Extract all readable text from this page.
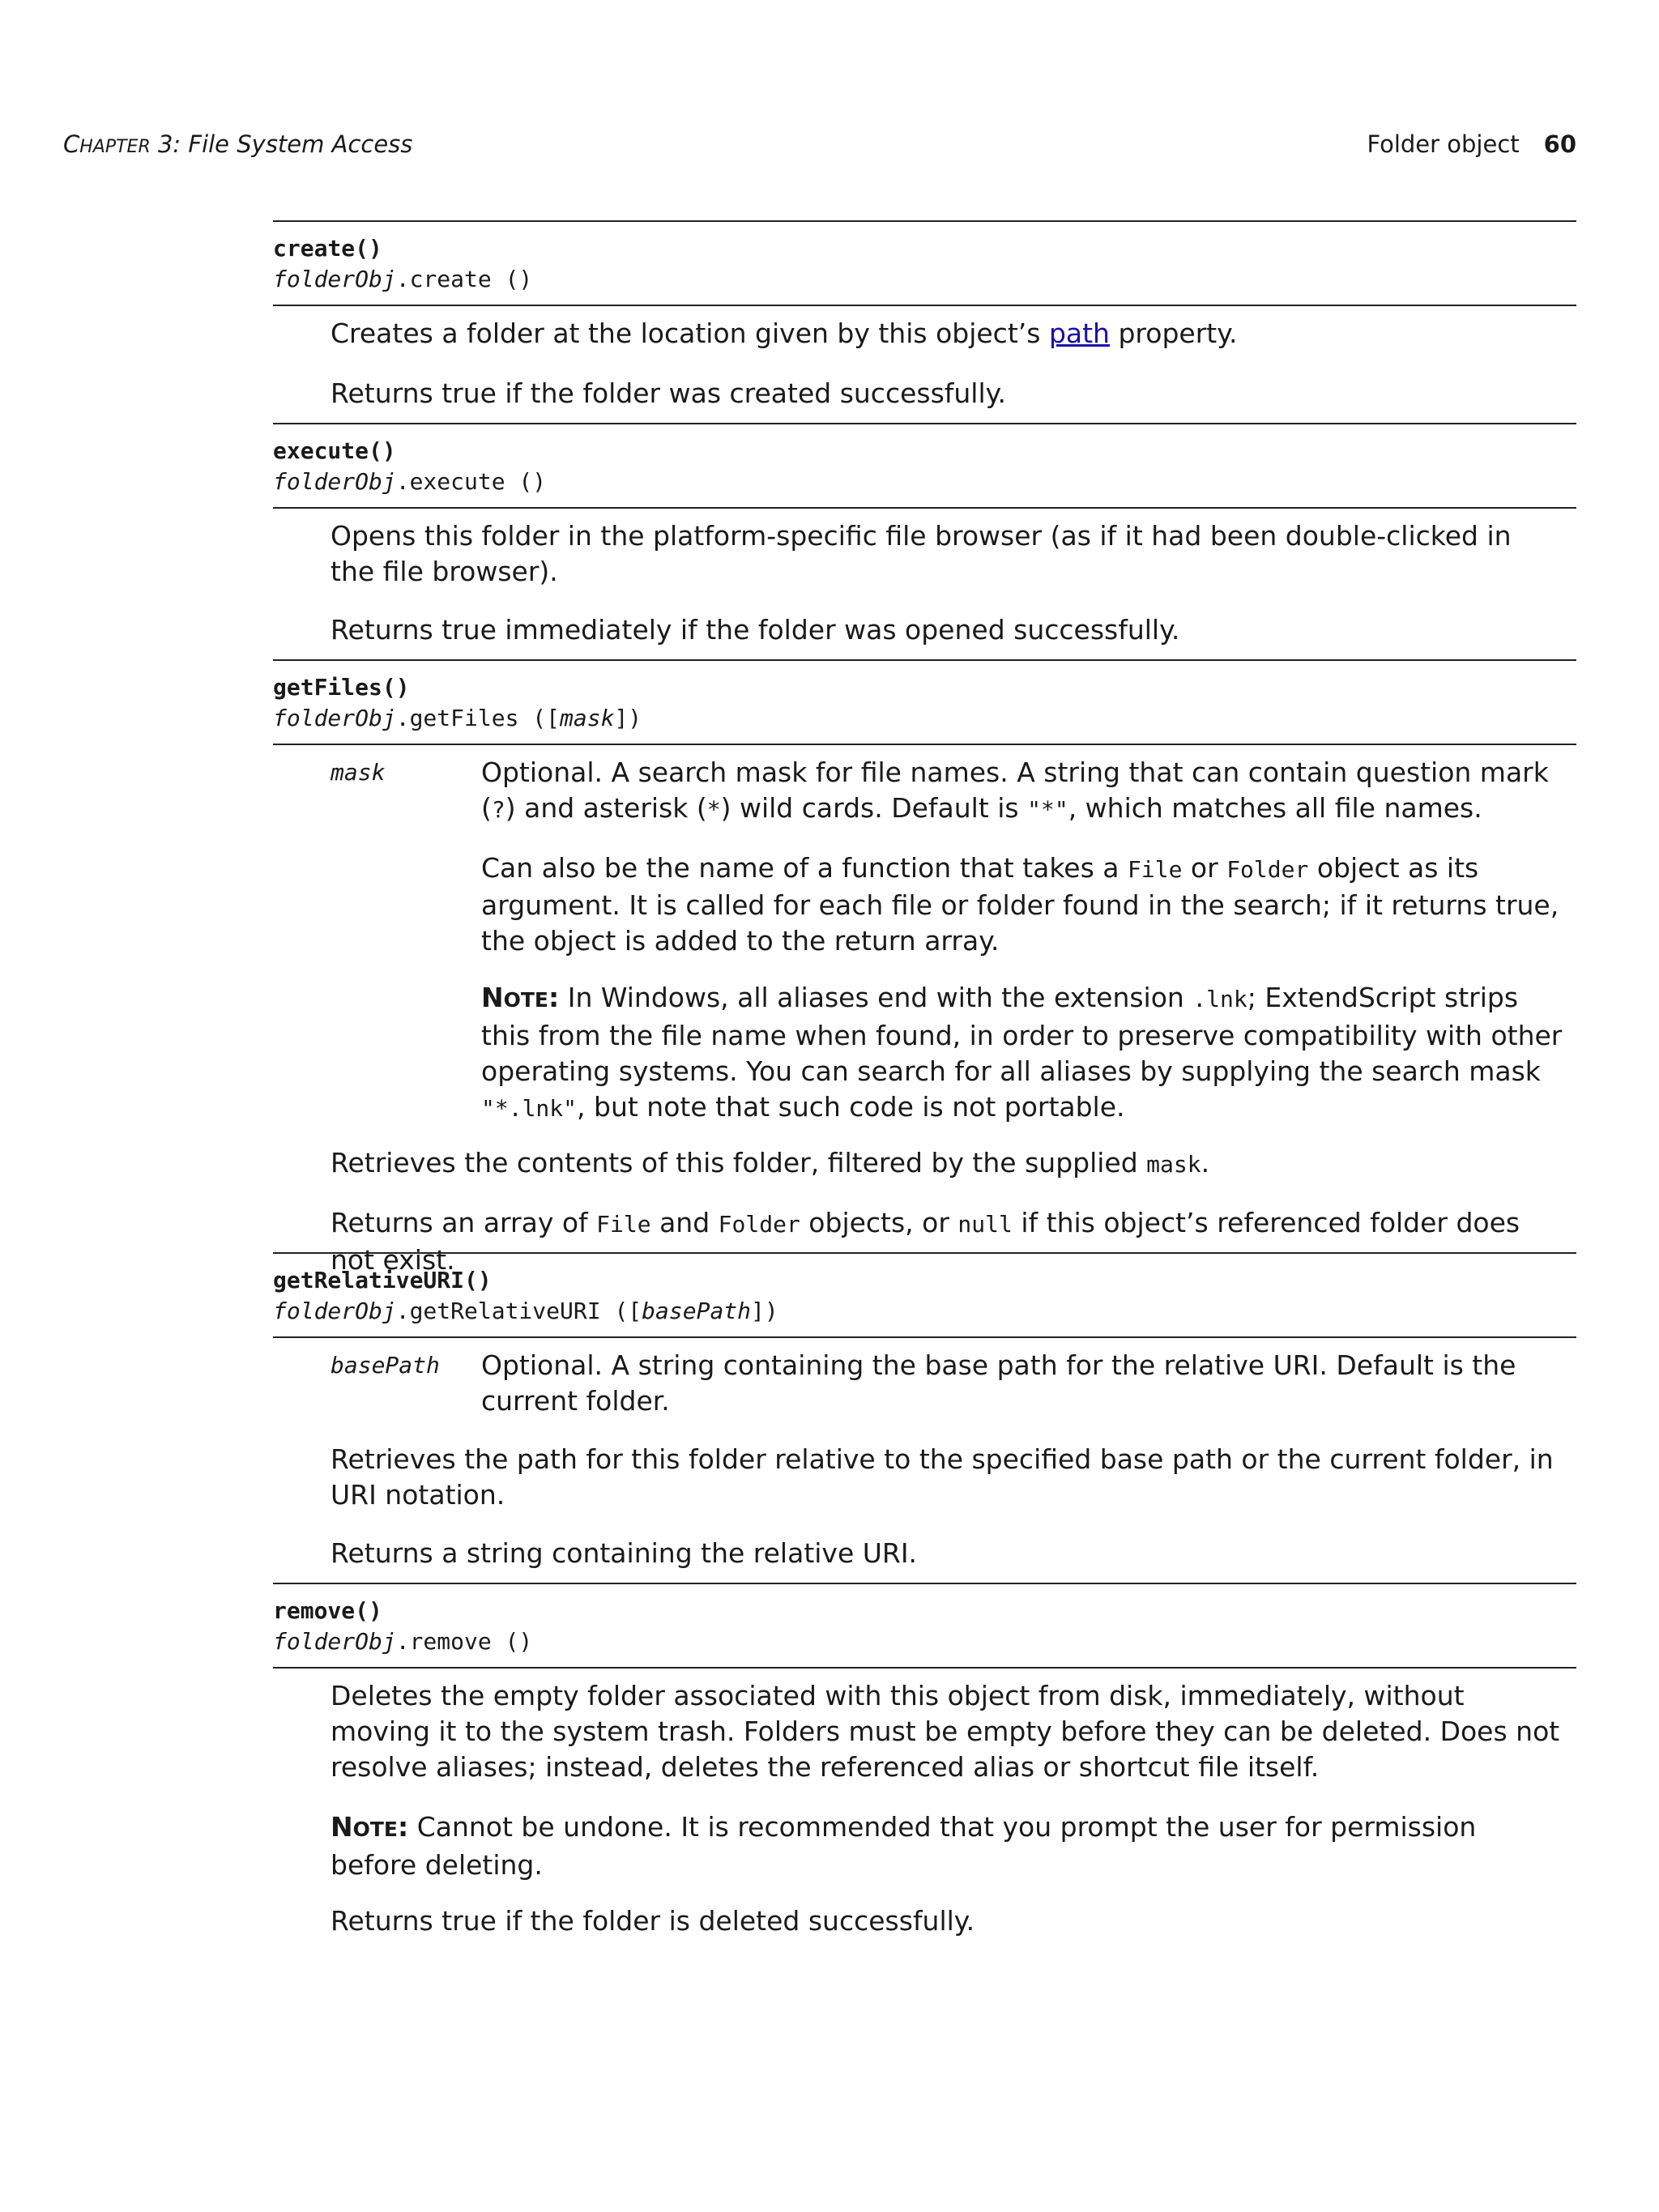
CHAPTER 3: File System Access	Folder object 60
create()
folderObj.create ()
Creates a folder at the location given by this object’s path property.
Returns true if the folder was created successfully.
execute()
folderObj.execute ()
Opens this folder in the platform-specific file browser (as if it had been double-clicked in the file browser).
Returns true immediately if the folder was opened successfully.
getFiles()
folderObj.getFiles ([mask])
mask	Optional. A search mask for file names. A string that can contain question mark (?) and asterisk (*) wild cards. Default is "*", which matches all file names.
Can also be the name of a function that takes a File or Folder object as its argument. It is called for each file or folder found in the search; if it returns true, the object is added to the return array.
NOTE: In Windows, all aliases end with the extension .lnk; ExtendScript strips this from the file name when found, in order to preserve compatibility with other operating systems. You can search for all aliases by supplying the search mask "*.lnk", but note that such code is not portable.
Retrieves the contents of this folder, filtered by the supplied mask.
Returns an array of File and Folder objects, or null if this object’s referenced folder does not exist.
getRelativeURI()
folderObj.getRelativeURI ([basePath])
basePath Optional. A string containing the base path for the relative URI. Default is the current folder.
Retrieves the path for this folder relative to the specified base path or the current folder, in URI notation.
Returns a string containing the relative URI.
remove()
folderObj.remove ()
Deletes the empty folder associated with this object from disk, immediately, without moving it to the system trash. Folders must be empty before they can be deleted. Does not resolve aliases; instead, deletes the referenced alias or shortcut file itself.
NOTE: Cannot be undone. It is recommended that you prompt the user for permission before deleting.
Returns true if the folder is deleted successfully.
